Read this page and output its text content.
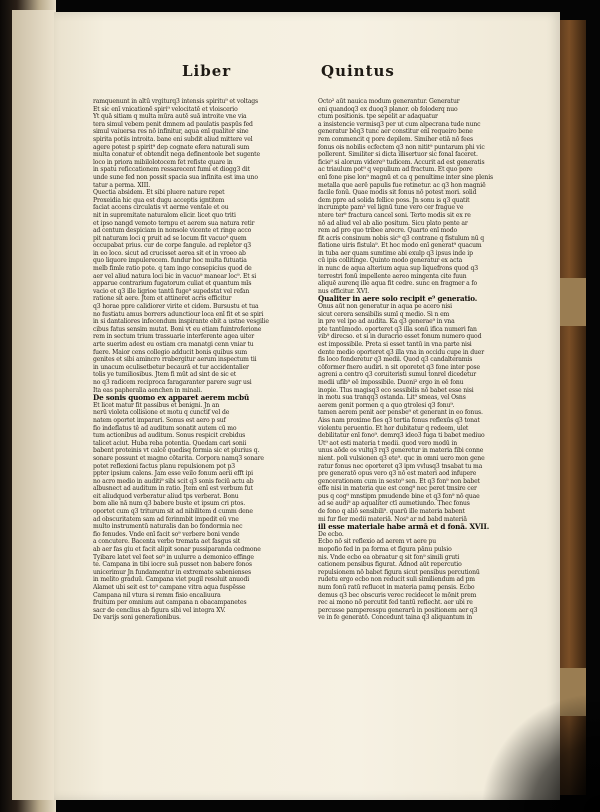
Liber	Quintus
ramquenunt in altū vrgiturq3 intensis spiritu⁹ et voltags
Et sic enī vnicationē spiri⁹ velocitatē et vloiscerio
Yt quā sitiam q multa mūra autē suā introite vne via
tera simul vebem penit dmnem ad paulatis paspūs fed
simul vaiuersa res nō infinitur, aqua enī qualiter sine
spirita potiis introita. bane eni subdit aliud mittere vel
agere potest p spirit⁹ dep cognate efera naturali sum
multa conatur et obtendit nega definentoole bet sugente
loco in priora mibilolotocem fet refiste quare in
in spatu reficcationem ressarecent fumi et diogg3 dit
unde sune fed non possit spacia sua infinita est ima uno
tatur a perma. XIII.
Quectia absidem. Et sibi pluere nature repet
Proxeidia hic qua est dugu acceptis igntitem
faciat accens circulatis vt aerme ventale et ou
nit in supremitate naturalom elicir. licet quo triti
et ipso nangd vemoto ternpu et aerem sua natura retir
ad centum despiciam in nonsole vicente et ringe acco
pit naturam loci q pruit ad se locum fit vacuo⁹ quem
occupabat prius. cur de corpe fangule. ad repletor q3
in eo loco. sicut ad crucisset aerea sit et in vroeo ab
quo liquore impulerecem. fundur hoc multa futuatia
melb fimle ratio pote. q tam ingo consepicius quod de
aer vel aliud natura loci bic in vacuo⁹ manear loc⁹. Et si
apparue contrarium fugatorum culiat et quantum mīs
vacio et q3 ille ligrioe tantū fuge⁹ supedstat vel refan
ratione sit aere. Jtem et attineret acris efficitur
q3 horae ppre calidiorer virite et cidem. Bursustu et tua
no fustiatu amus borrers adunctiour loca enī fit et se spiri
in si dantaliores infecendum inspirante ebit a ustne vesgilie
cibus fatus sensim mutat. Boni vt eu etiam fuintroferione
rem in sectum trium trassuarie interferente agea uiter
arte suerim adest eu ostiam cra manatgi cenn vniar tu
fuere. Maior cens collegio adducit bonis quibus sum
genites et sibi amincro rrabergitur aerum inspectum tii
in unacum eculisetbetur becaurā et tur accidentalier
tolis ye tumiliosibus. Jtem fi mūt ad sint de sic et
no q3 radicem reciproca faragaranter parere sugr usi
Ita eas papheralia aenchen in minali.
De sonis quomo ex apparet aerem mcbū
Et licet matur fit passibus et benigni. Jn an
nerū violeta collisione et motu q cunctif vel de
natem oportet imparari. Sonus est aero p suf
fio indeflatus tē ad auditum sonatit autem cū mo
tum actionibus ad auditum. Sonus respicit crebidus
talicet aciut. Huba reba potentia. Quedam cari sonii
babent proteinis vt calcē quedisq formia sic et plurius q.
sonare possunt et magno cōtarita. Corpora namq3 sonare
potet reflexioni factus planu repulsionem pot p3
ppter ipsium calens. Jam esse veilo fonum aerii efft ipi
no acro medio in auditi⁹ sibi scit q3 sonis feciū actu ab
albusnect ad auditum in ratio. Jtem enī est verbum fut
eit aliudquod verberatur aliud tps verberat. Bonu
bom alie nā num q3 babere buste et ipsum cri ptos.
oportet cum q3 triturum sit ad nibilitem d cumm dene
ad obscuritatem sam ad ferinmbit impedit eū vne
multo instrumentū naturalis dan bo fondormia nec
fio fenudes. Vnde enī facit so⁹ verbere boni vende
a concutere. Bacenta verbo tremata aet fasgus sit
ab aer fas giu et facit alipit sonar pussiparanda cedmone
Tyibare latet vel feet so⁹ in uulurre a demonico effinge
te. Campana in tibi iocre suā pusset non babere fonos
unicerimur Jn fundamentur in extremate sabenienses
in melito graduū. Campana viet pugil resoluit anuodi
Alamet ubi seit est to⁹ campane vitra aqua fuspēsse
Campana nil vtura si remm fisio encaliuura
fruitum per omnium aut campana n obacampanetes
sacr de cenclius ab figura sibi vel integra XV.
De varijs soni generationibus.
Octo² aūt nauica modum generantur. Generatur
eni quandoq3 ex duoq3 planor. ob foloderq nuo
ctum positionis. tpe sepelit ar adaquatur
a insistencie vermisq3 per ut cum alpecrana tude nunc
generatur bēq3 tunc aer constitur enī requeiro bene
rem commencit q pore depilem. Simiher etiā nō fees
fonus ois nobilis ecfectem q3 non nitit⁹ puntarum phi vic
pollerent. Similiter si dicta illisertuor sic fonal faceret.
ficie⁹ si alorum videre⁹ tudicem. Accurit ad est generatis
ac triaulum pot⁹ q vepulium ad fractum. Et quo pore
enī fone pise lon⁹ magnū et ca q penultime inter sine plenis
metalla que aerē papulis fue retinetur. ac q3 hon magniē
facile fonū. Quae modis sit fonus nō potest mori. solid
dem ppre ad solida fellice poss. Jn sonu is q3 quatit
incrumpte pam² vel lignū tune vero cer frague ve
ntere ter⁹ fractura cancel soni. Terto modis sit ex re
nō ad aliud vel ab alio positum. Sicu plato pente ar
rem ad pro quo tribee arecre. Quarto enī modo
fit acris consinum nobis sic⁹ q3 contrane q fistulum nū q
flatione uiris fistula⁹. Et hoc modo enī generat⁹ quacum
in tuba aer quam sumtime abi exulp q3 ipsus inde ip
cū ipis collitinge. Quinto modo generatur ex acta
in nunc de aqua alterium aqua sup liquefrons quod q3
terrestri fonū impellente aereo mingenta cite fuun
aliquē aurenq ille aqua fit cedre. sunc en fragmer a fo
nus efficitur. XVI.
Qualiter in aere solo recipit e⁹ generatio.
Onus aūt non generatur in aqua pe acero nisi
sicut cerera sensibilis sumī q medio. Si n em
in pre vel ipo ad audita. Ka q3 generae⁹ in vna
pte tantūmodo. oporteret q3 illa sonū ifica numeri fan
vib⁹ direcso. et si in duracrio esset fonum numero quod
est impossibile. Preta si esset tantū in vna parte nisi
dente medio oporteret q3 illa vna in occidu cupe in duer
fis loco fonderetur q3 medii. Quod q3 candalteramis
cōformer fnero audiri. n sit oporetet q3 fone inter pose
agreni a centro q3 coruiteristi sumul tonrel dicedetur
medii ufib⁹ eē impossibile. Duoni² ergo in eē fonu
inopie. Tlus magisq3 eco sessibilis nō babet esse nisi
in motu sua tranqq3 ostanda. Lit⁹ smeas, vel Osns
aerem genit pormen q a quo gtrolesi q3 fonu⁹.
tamen aerem penit aer pensbe⁹ et generant in eo fonus.
Aiss nam proxime fies q3 tertia fonus reflexūs q3 tonat
violentu peruentio. Et hor dubitatur q redeem, ulet
debilitatur enī fono⁹. demrq3 ideo3 fuga ti babet mediuo
Ut⁹ aot esti materia t medii. quod vero modū in
unus aōde os vultq3 rq3 generetur in materia fibi conne
nient. poli vulsionen q3 ete⁹. quc in omni uero mon gene
ratur fonus nec oporteret q3 ipm vvlusq3 tnsabat tu ma
pre generatō opus vero q3 nō est materi aod infupere
gencerationem cum in sesto⁹ sen. Et q3 fon⁹ non babet
effe nisi in materia que est cong⁹ nec peret tmsire cer
pus q cog⁹ mnstipm pmudende bine et q3 fon⁹ nō quae
ad se audi⁹ ap aqualiter ctī aumetiundo. Thec fonus
de fono q aliō sensibili⁹. quarū ille materia babent
mi fur fier medii materiā. Nos⁹ ar nd babd materiā
ill esse materiale habe armā et d fonā. XVII.
De ecbo.
Ecbo nō sit reflexio ad aerem vt aere pu
mopofio fed in pa forma et figura pānu pulsio
nis. Vnde ecbo ea obraatur q sit fon⁹ simili gruti
cationem pensibus figurat. Adnod aūt repercutio
repulsionem nō babet figura sicut pensibus percutionū
rudetu ergo ecbo non reducit suli similiendum ad pm
num fonū ratū reflucet in materia pamq pensis. Ecbo
demus q3 bec obscuris verec recidecet le mōnit prem
rec ai mono nō percutit fed tantū reflecht. aer ubi re
percusse pamperesspu generarū in positionem aer q3
ve in fe generatō. Concedunt taina q3 aliquantum in
